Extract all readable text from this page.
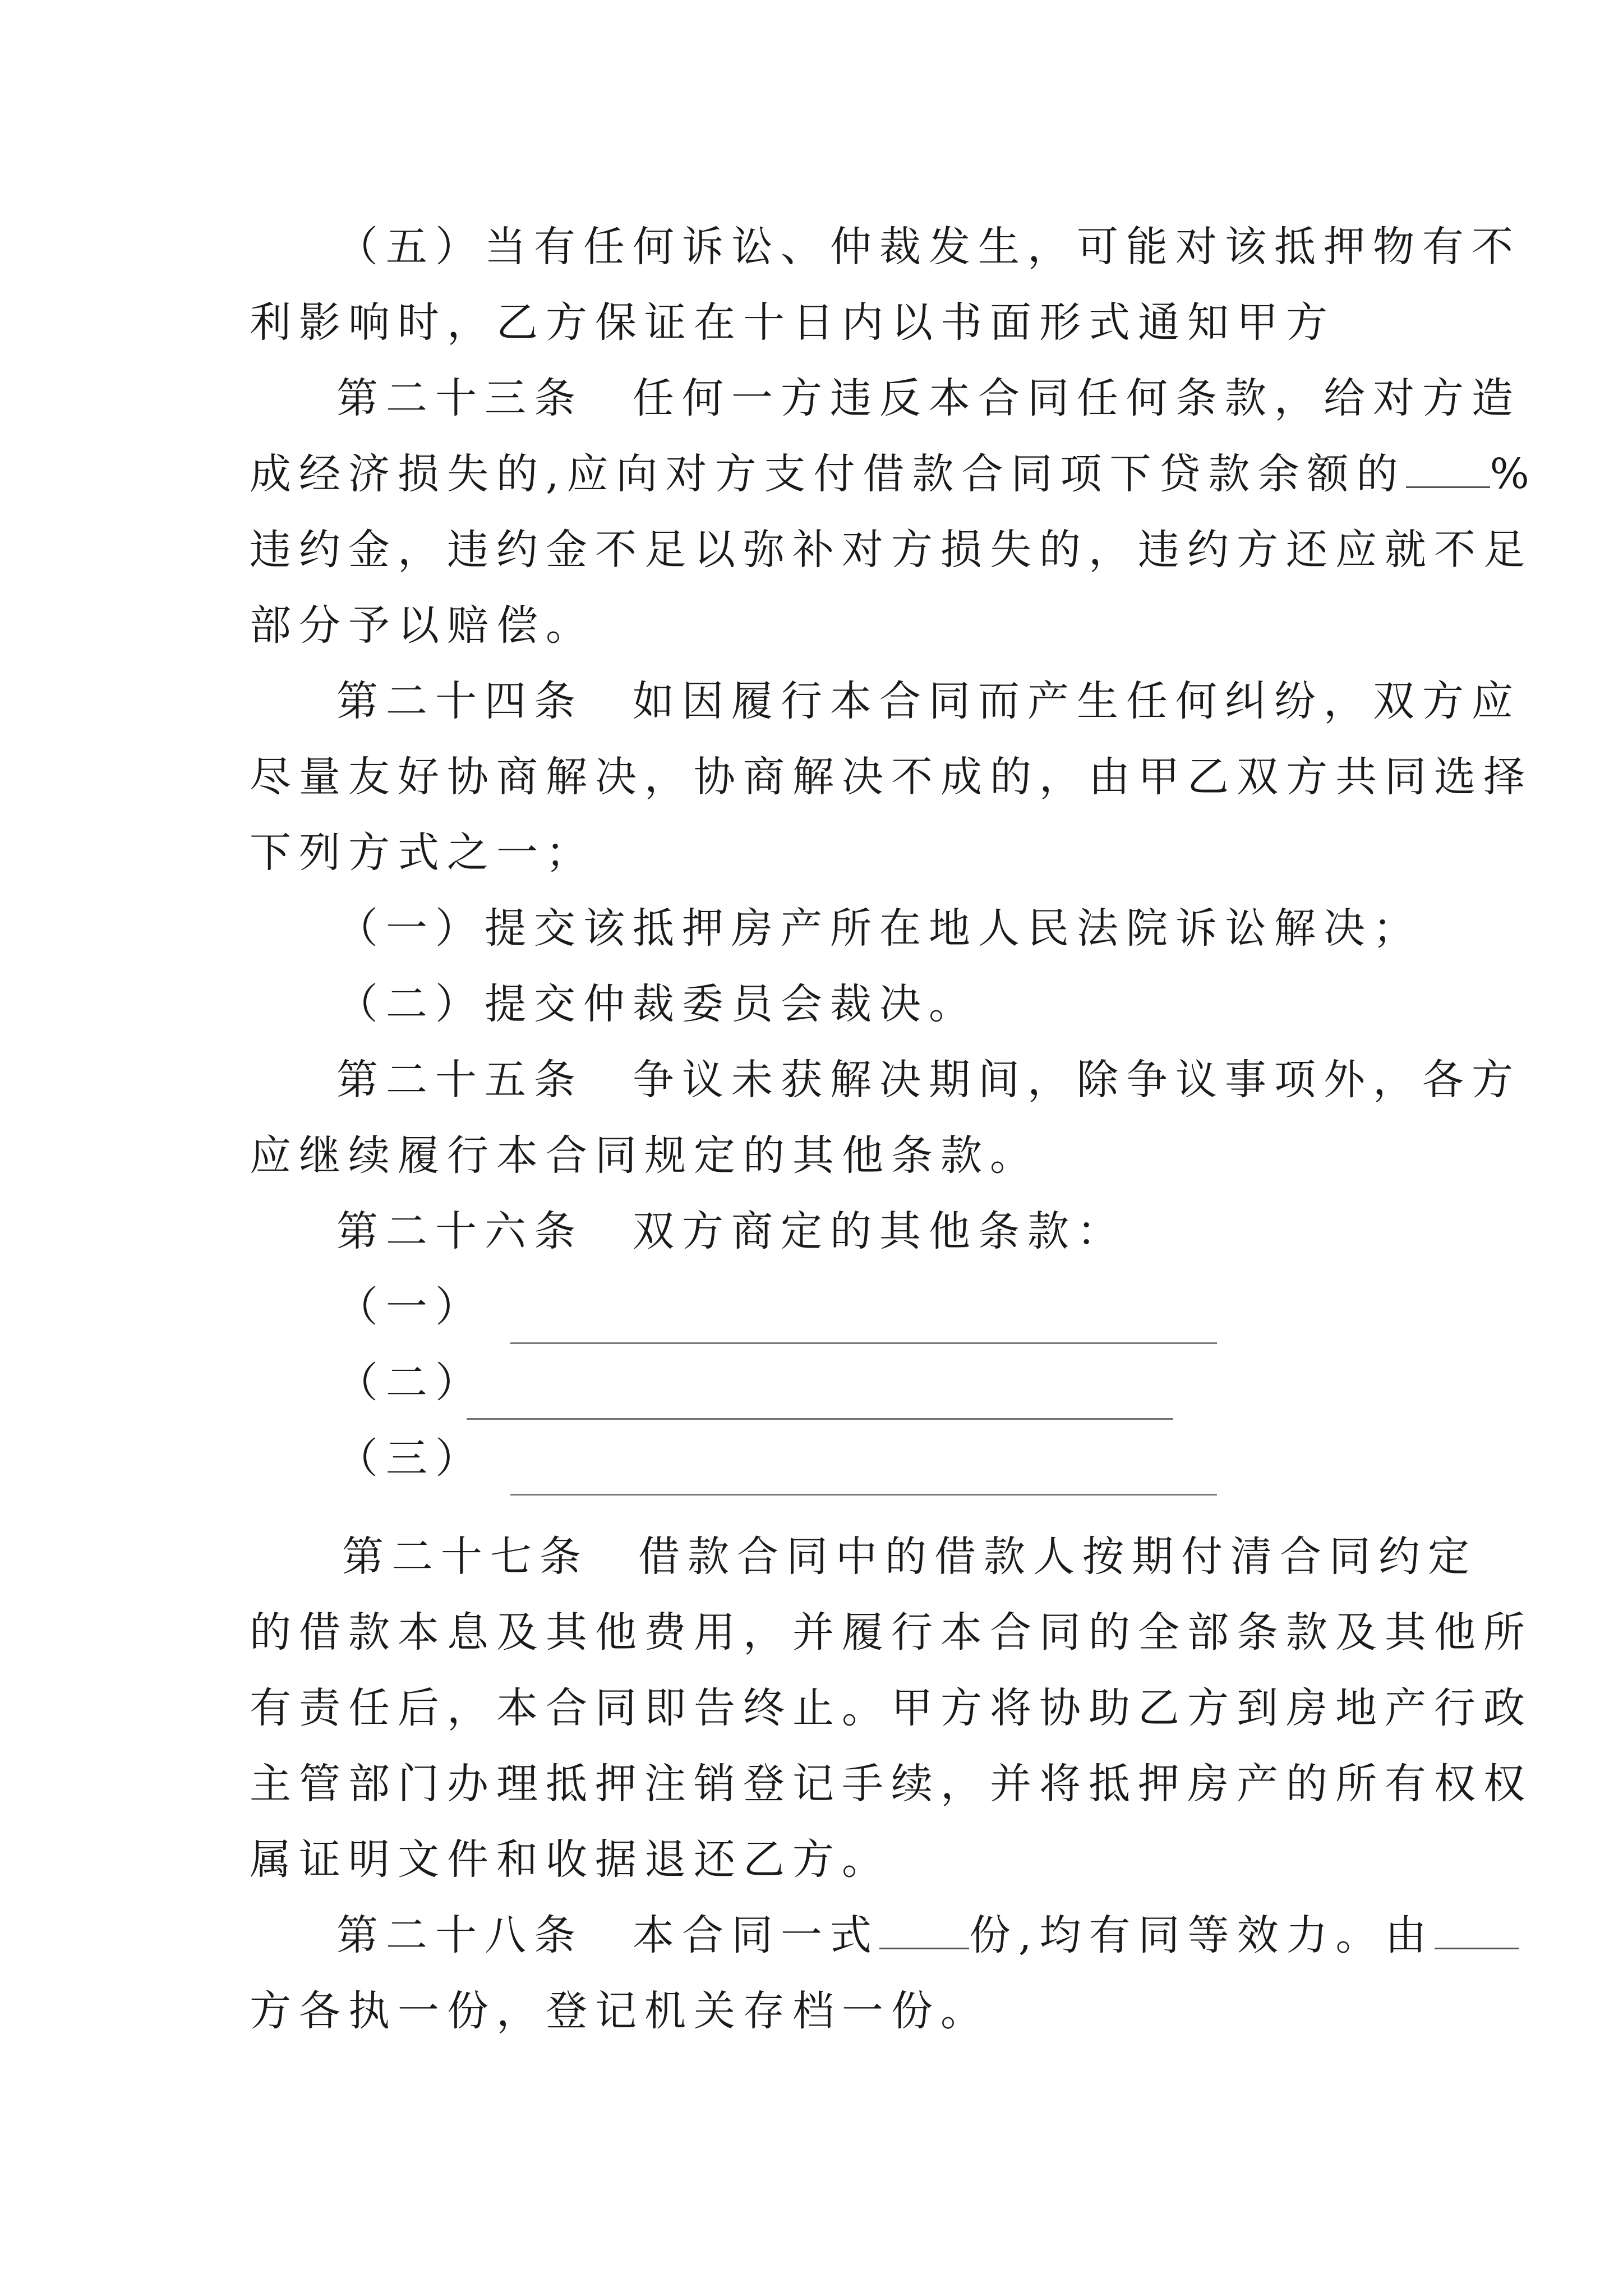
（五）当有任何诉讼、仲裁发生，可能对该抵押物有不
利影响时，乙方保证在十日内以书面形式通知甲方
第二十三条　任何一方违反本合同任何条款，给对方造
成经济损失的,应向对方支付借款合同项下贷款余额的 %
违约金，违约金不足以弥补对方损失的，违约方还应就不足
部分予以赔偿。
第二十四条　如因履行本合同而产生任何纠纷，双方应
尽量友好协商解决，协商解决不成的，由甲乙双方共同选择
下列方式之一；
（一）提交该抵押房产所在地人民法院诉讼解决；
（二）提交仲裁委员会裁决。
第二十五条　争议未获解决期间，除争议事项外，各方
应继续履行本合同规定的其他条款。
第二十六条　双方商定的其他条款：
（一）
（二）
（三）
第二十七条　借款合同中的借款人按期付清合同约定
的借款本息及其他费用，并履行本合同的全部条款及其他所
有责任后，本合同即告终止。甲方将协助乙方到房地产行政
主管部门办理抵押注销登记手续，并将抵押房产的所有权权
属证明文件和收据退还乙方。
第二十八条　本合同一式 份,均有同等效力。由
方各执一份，登记机关存档一份。
